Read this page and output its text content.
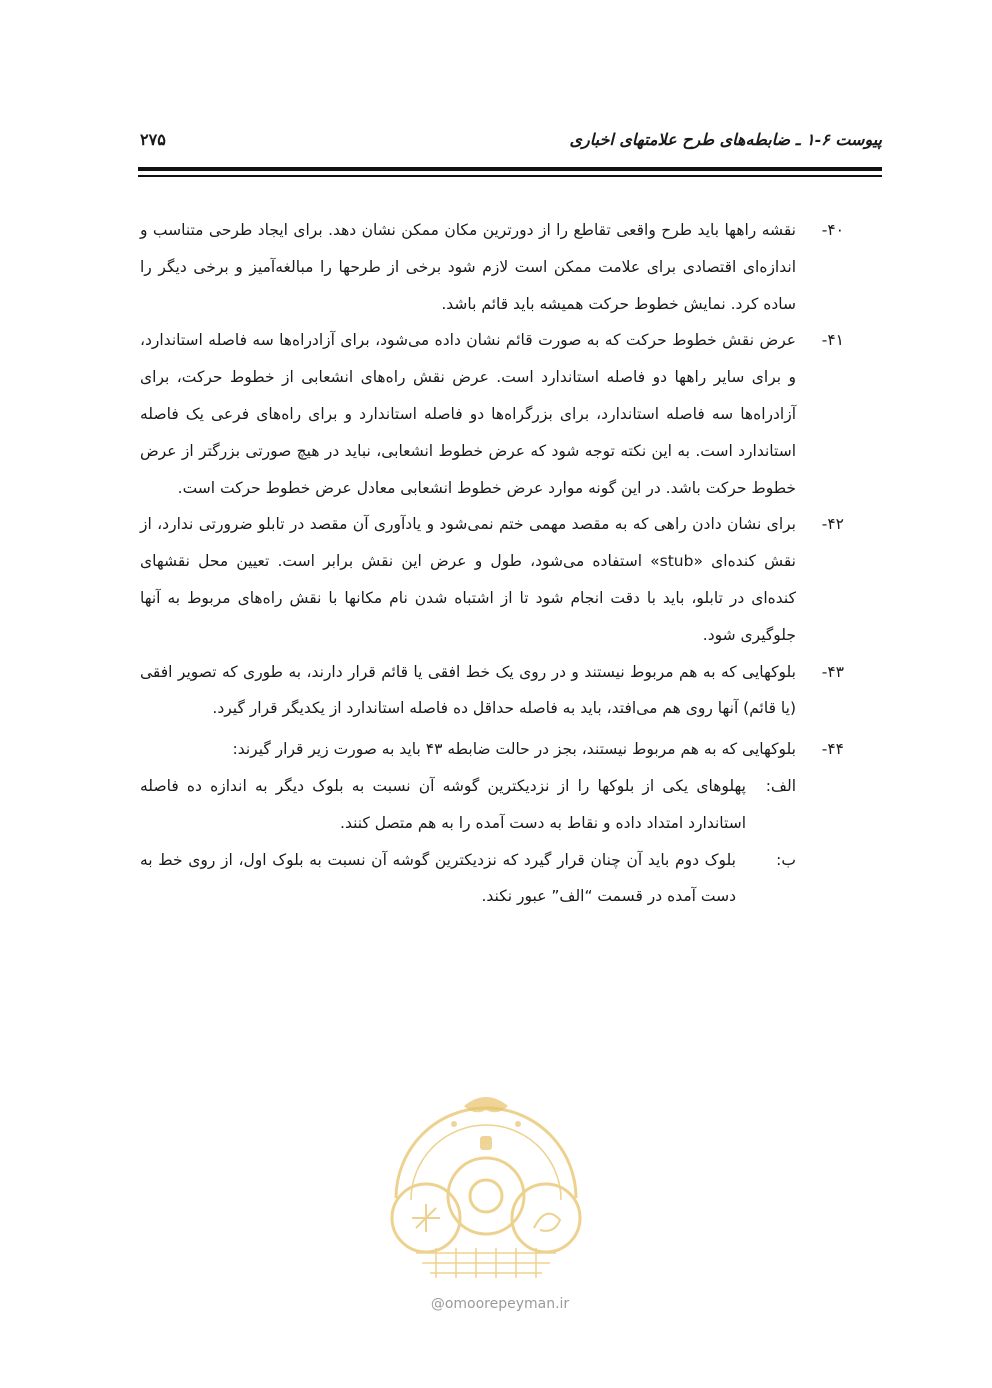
پیوست ۶-۱ ـ ضابطه‌های طرح علامتهای اخباری
۲۷۵
۴۰-
نقشه راهها باید طرح واقعی تقاطع را از دورترین مکان ممکن نشان دهد. برای ایجاد طرحی متناسب و اندازه‌ای اقتصادی برای علامت ممکن است لازم شود برخی از طرحها را مبالغه‌آمیز و برخی دیگر را ساده کرد. نمایش خطوط حرکت همیشه باید قائم باشد.
۴۱-
عرض نقش خطوط حرکت که به صورت قائم نشان داده می‌شود، برای آزادراه‌ها سه فاصله استاندارد، و برای سایر راهها دو فاصله استاندارد است. عرض نقش راه‌های انشعابی از خطوط حرکت، برای آزادراه‌ها سه فاصله استاندارد، برای بزرگراه‌ها دو فاصله استاندارد و برای راه‌های فرعی یک فاصله استاندارد است. به این نکته توجه شود که عرض خطوط انشعابی، نباید در هیچ صورتی بزرگتر از عرض خطوط حرکت باشد. در این گونه موارد عرض خطوط انشعابی معادل عرض خطوط حرکت است.
۴۲-
برای نشان دادن راهی که به مقصد مهمی ختم نمی‌شود و یادآوری آن مقصد در تابلو ضرورتی ندارد، از نقش کنده‌ای «stub» استفاده می‌شود، طول و عرض این نقش برابر است. تعیین محل نقشهای کنده‌ای در تابلو، باید با دقت انجام شود تا از اشتباه شدن نام مکانها با نقش راه‌های مربوط به آنها جلوگیری شود.
۴۳-
بلوکهایی که به هم مربوط نیستند و در روی یک خط افقی یا قائم قرار دارند، به طوری که تصویر افقی (یا قائم) آنها روی هم می‌افتد، باید به فاصله حداقل ده فاصله استاندارد از یکدیگر قرار گیرد.
۴۴-
بلوکهایی که به هم مربوط نیستند، بجز در حالت ضابطه ۴۳ باید به صورت زیر قرار گیرند:
الف:
پهلوهای یکی از بلوکها را از نزدیکترین گوشه آن نسبت به بلوک دیگر به اندازه ده فاصله استاندارد امتداد داده و نقاط به دست آمده را به هم متصل کنند.
ب:
بلوک دوم باید آن چنان قرار گیرد که نزدیکترین گوشه آن نسبت به بلوک اول، از روی خط به دست آمده در قسمت “الف” عبور نکند.
@omoorepeyman.ir
